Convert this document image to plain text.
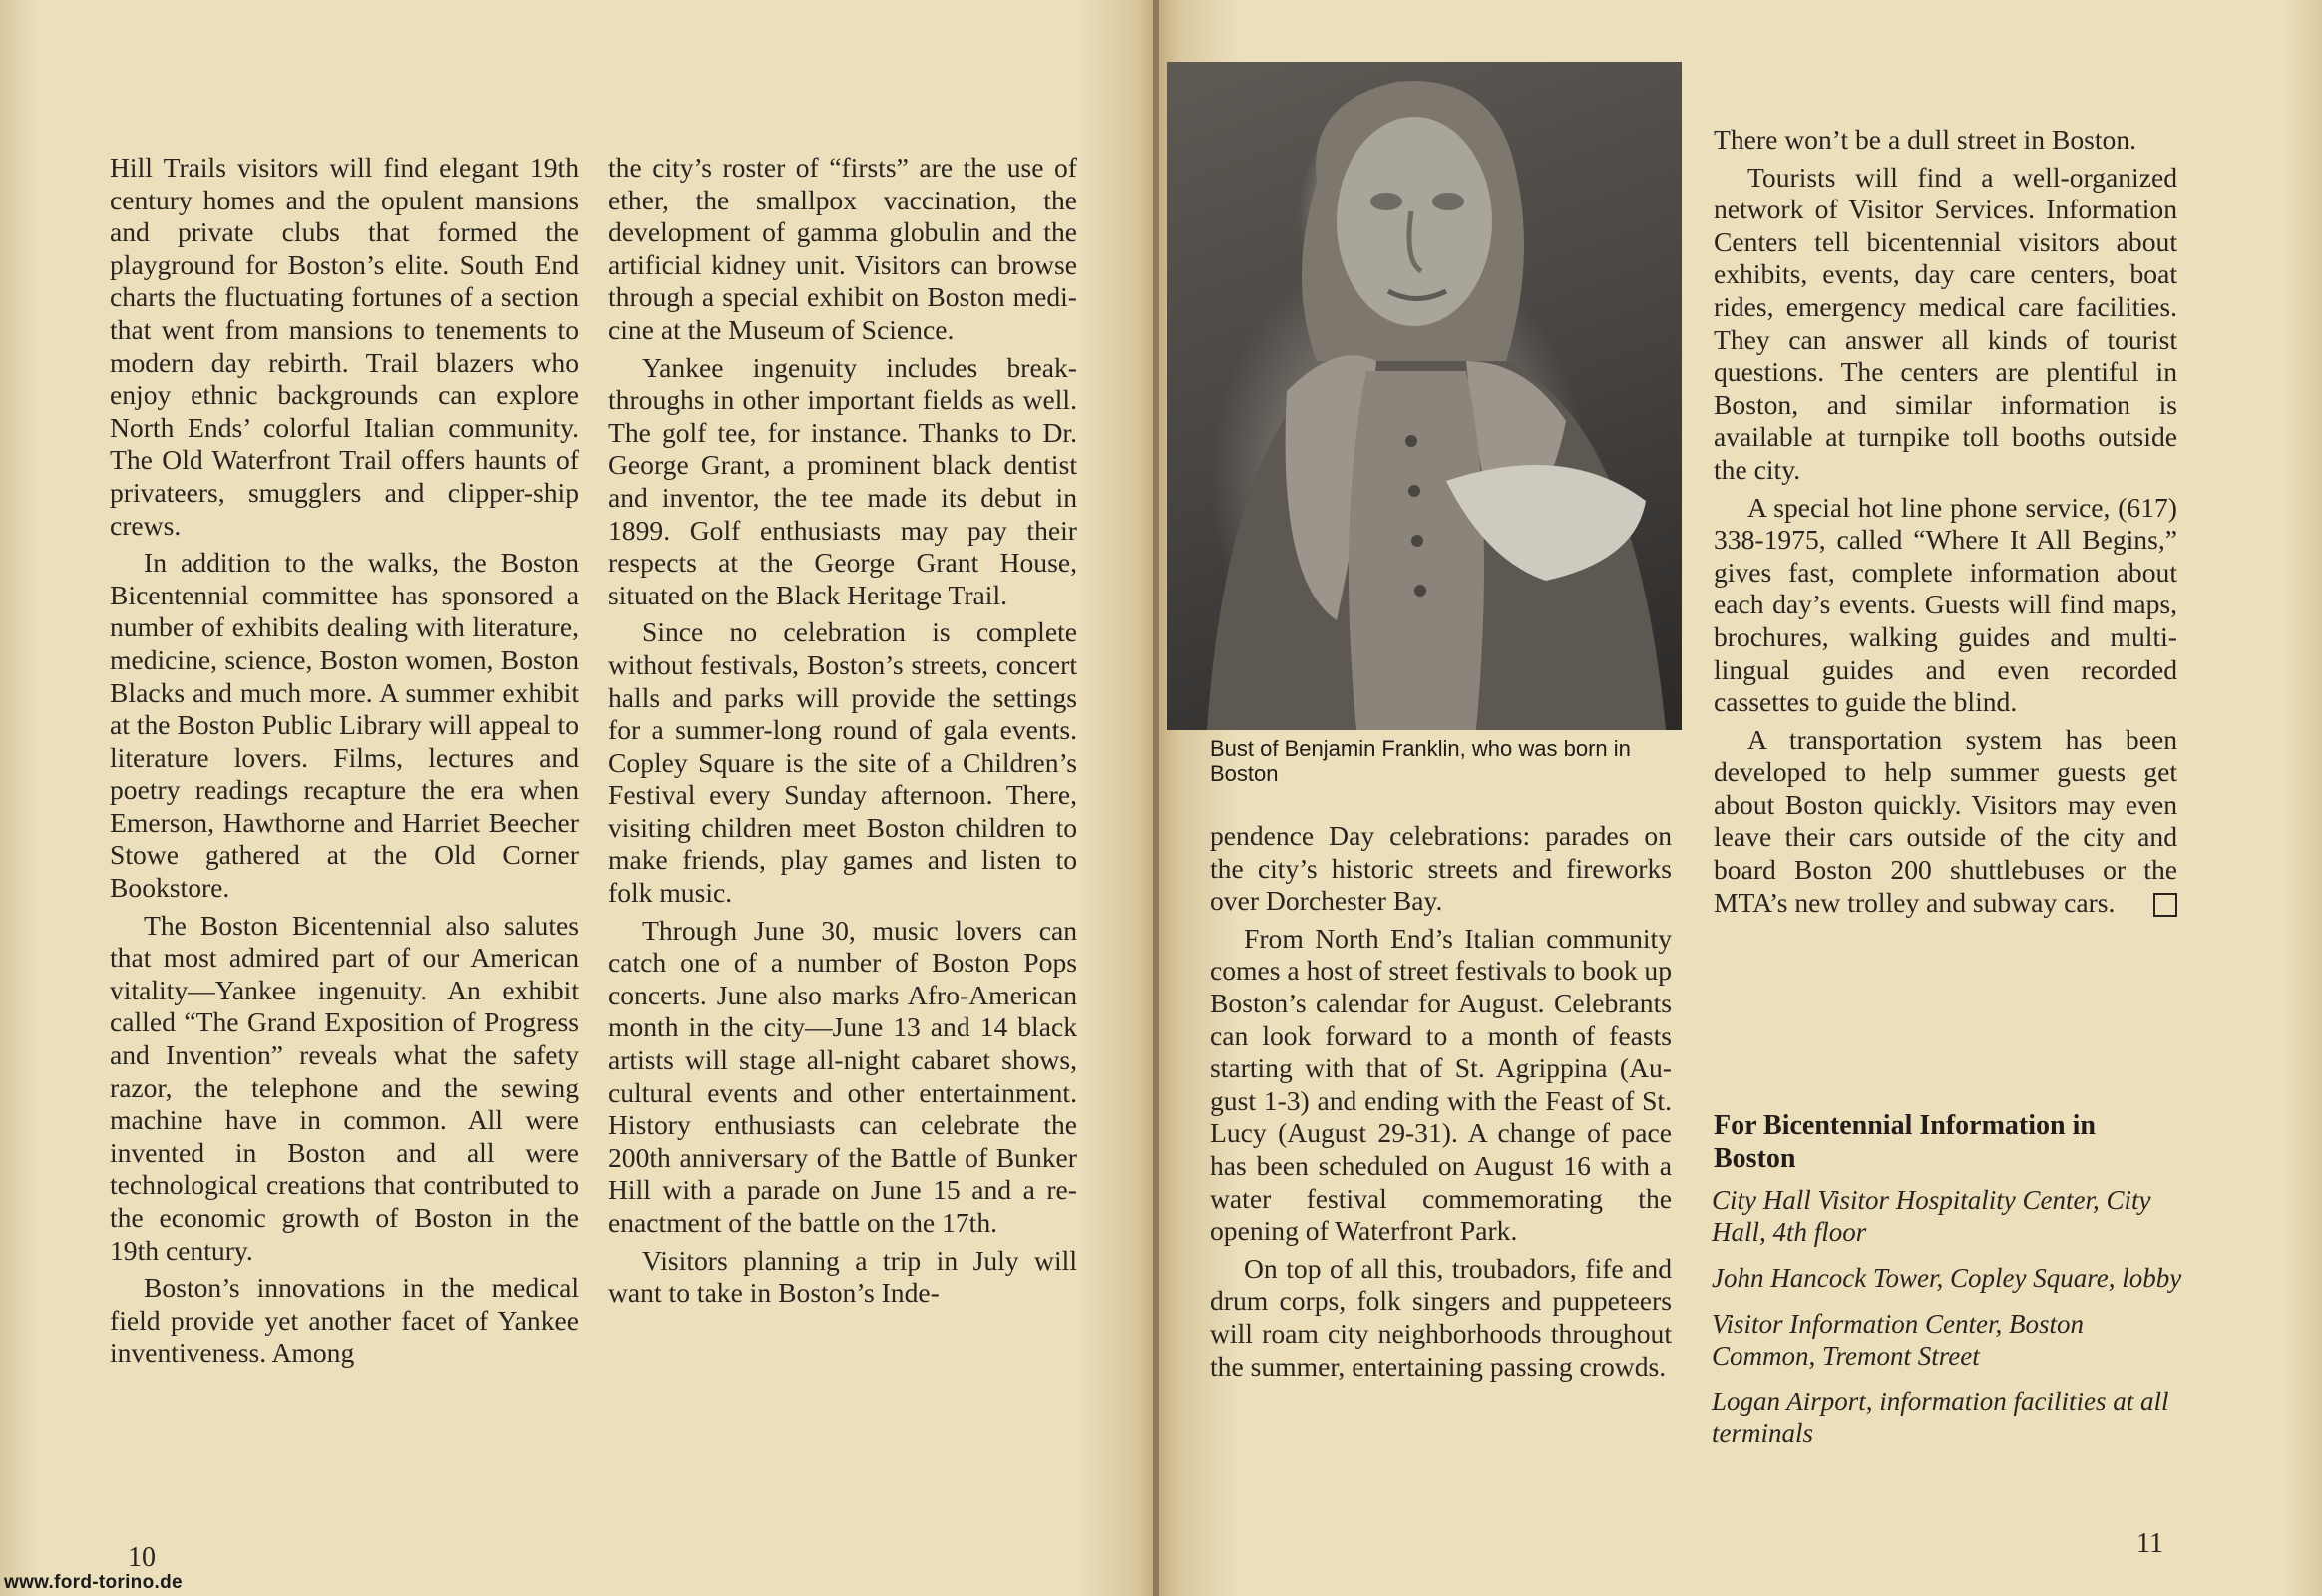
Hill Trails visitors will find elegant 19th century homes and the opulent mansions and private clubs that formed the playground for Boston’s elite. South End charts the fluctuating fortunes of a section that went from mansions to tenements to modern day rebirth. Trail blazers who enjoy ethnic backgrounds can explore North Ends’ colorful Italian community. The Old Waterfront Trail offers haunts of privateers, smugglers and clipper-ship crews.

In addition to the walks, the Boston Bicentennial committee has sponsored a number of exhibits dealing with literature, medicine, science, Boston women, Boston Blacks and much more. A summer exhibit at the Boston Public Library will appeal to literature lovers. Films, lectures and poetry readings recapture the era when Emerson, Hawthorne and Harriet Beecher Stowe gathered at the Old Corner Bookstore.

The Boston Bicentennial also salutes that most admired part of our American vitality—Yankee ingenuity. An exhibit called “The Grand Exposition of Progress and Invention” reveals what the safety razor, the telephone and the sewing machine have in common. All were invented in Boston and all were technological creations that contributed to the economic growth of Boston in the 19th century.

Boston’s innovations in the medical field provide yet another facet of Yankee inventiveness. Among

the city’s roster of “firsts” are the use of ether, the smallpox vaccination, the development of gamma globulin and the artificial kidney unit. Visitors can browse through a special exhibit on Boston medicine at the Museum of Science.

Yankee ingenuity includes breakthroughs in other important fields as well. The golf tee, for instance. Thanks to Dr. George Grant, a prominent black dentist and inventor, the tee made its debut in 1899. Golf enthusiasts may pay their respects at the George Grant House, situated on the Black Heritage Trail.

Since no celebration is complete without festivals, Boston’s streets, concert halls and parks will provide the settings for a summer-long round of gala events. Copley Square is the site of a Children’s Festival every Sunday afternoon. There, visiting children meet Boston children to make friends, play games and listen to folk music.

Through June 30, music lovers can catch one of a number of Boston Pops concerts. June also marks Afro-American month in the city—June 13 and 14 black artists will stage all-night cabaret shows, cultural events and other entertainment. History enthusiasts can celebrate the 200th anniversary of the Battle of Bunker Hill with a parade on June 15 and a re-enactment of the battle on the 17th.

Visitors planning a trip in July will want to take in Boston’s Inde-

10
Bust of Benjamin Franklin, who was born in Boston

pendence Day celebrations: parades on the city’s historic streets and fireworks over Dorchester Bay.

From North End’s Italian community comes a host of street festivals to book up Boston’s calendar for August. Celebrants can look forward to a month of feasts starting with that of St. Agrippina (August 1-3) and ending with the Feast of St. Lucy (August 29-31). A change of pace has been scheduled on August 16 with a water festival commemorating the opening of Waterfront Park.

On top of all this, troubadors, fife and drum corps, folk singers and puppeteers will roam city neighborhoods throughout the summer, entertaining passing crowds.

There won’t be a dull street in Boston.

Tourists will find a well-organized network of Visitor Services. Information Centers tell bicentennial visitors about exhibits, events, day care centers, boat rides, emergency medical care facilities. They can answer all kinds of tourist questions. The centers are plentiful in Boston, and similar information is available at turnpike toll booths outside the city.

A special hot line phone service, (617) 338-1975, called “Where It All Begins,” gives fast, complete information about each day’s events. Guests will find maps, brochures, walking guides and multilingual guides and even recorded cassettes to guide the blind.

A transportation system has been developed to help summer guests get about Boston quickly. Visitors may even leave their cars outside of the city and board Boston 200 shuttlebuses or the MTA’s new trolley and subway cars.

For Bicentennial Information in Boston
City Hall Visitor Hospitality Center, City Hall, 4th floor
John Hancock Tower, Copley Square, lobby
Visitor Information Center, Boston Common, Tremont Street
Logan Airport, information facilities at all terminals
11
www.ford-torino.de
